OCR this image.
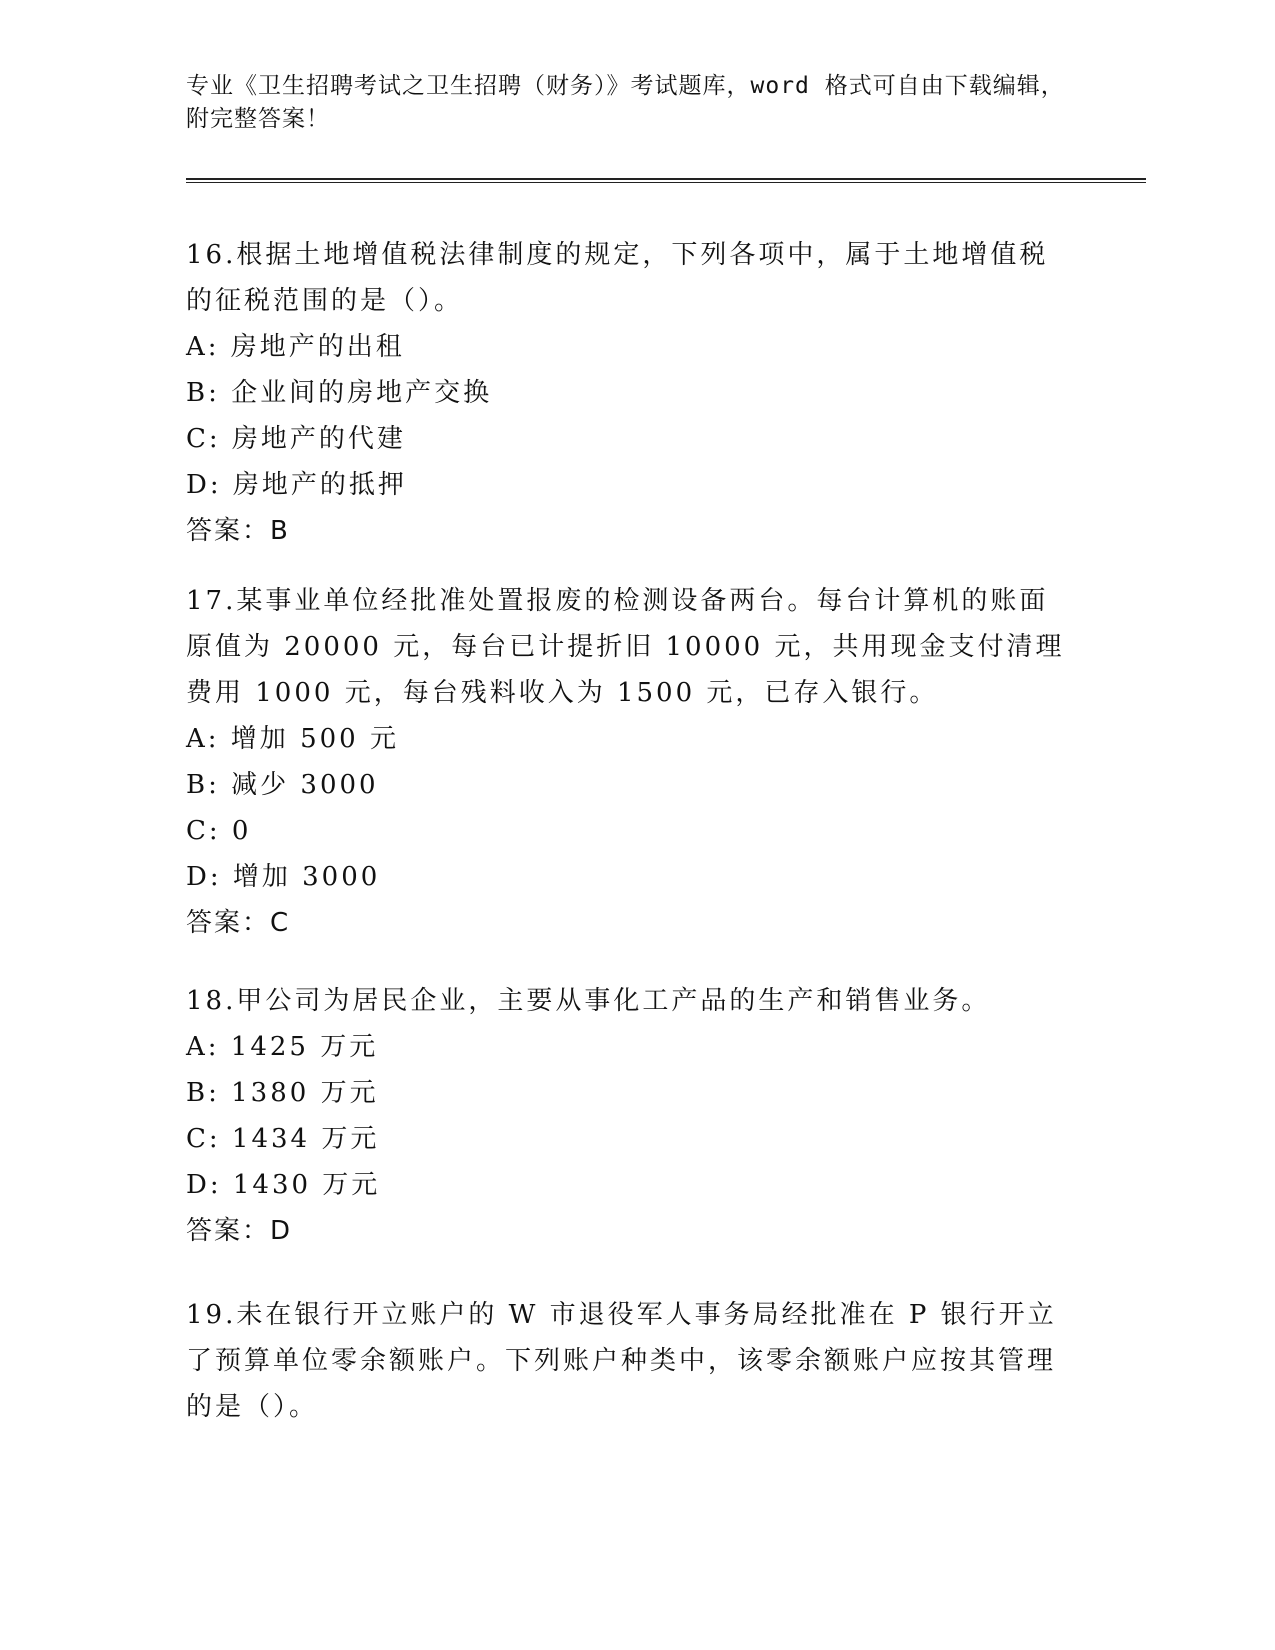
专业《卫生招聘考试之卫生招聘（财务）》考试题库，word 格式可自由下载编辑，附完整答案！
16.根据土地增值税法律制度的规定，下列各项中，属于土地增值税的征税范围的是（）。
A: 房地产的出租
B: 企业间的房地产交换
C: 房地产的代建
D: 房地产的抵押
答案：B
17.某事业单位经批准处置报废的检测设备两台。每台计算机的账面原值为 20000 元，每台已计提折旧 10000 元，共用现金支付清理费用 1000 元，每台残料收入为 1500 元，已存入银行。
A: 增加 500 元
B: 减少 3000
C: 0
D: 增加 3000
答案：C
18.甲公司为居民企业，主要从事化工产品的生产和销售业务。
A: 1425 万元
B: 1380 万元
C: 1434 万元
D: 1430 万元
答案：D
19.未在银行开立账户的 W 市退役军人事务局经批准在 P 银行开立了预算单位零余额账户。下列账户种类中，该零余额账户应按其管理的是（）。
